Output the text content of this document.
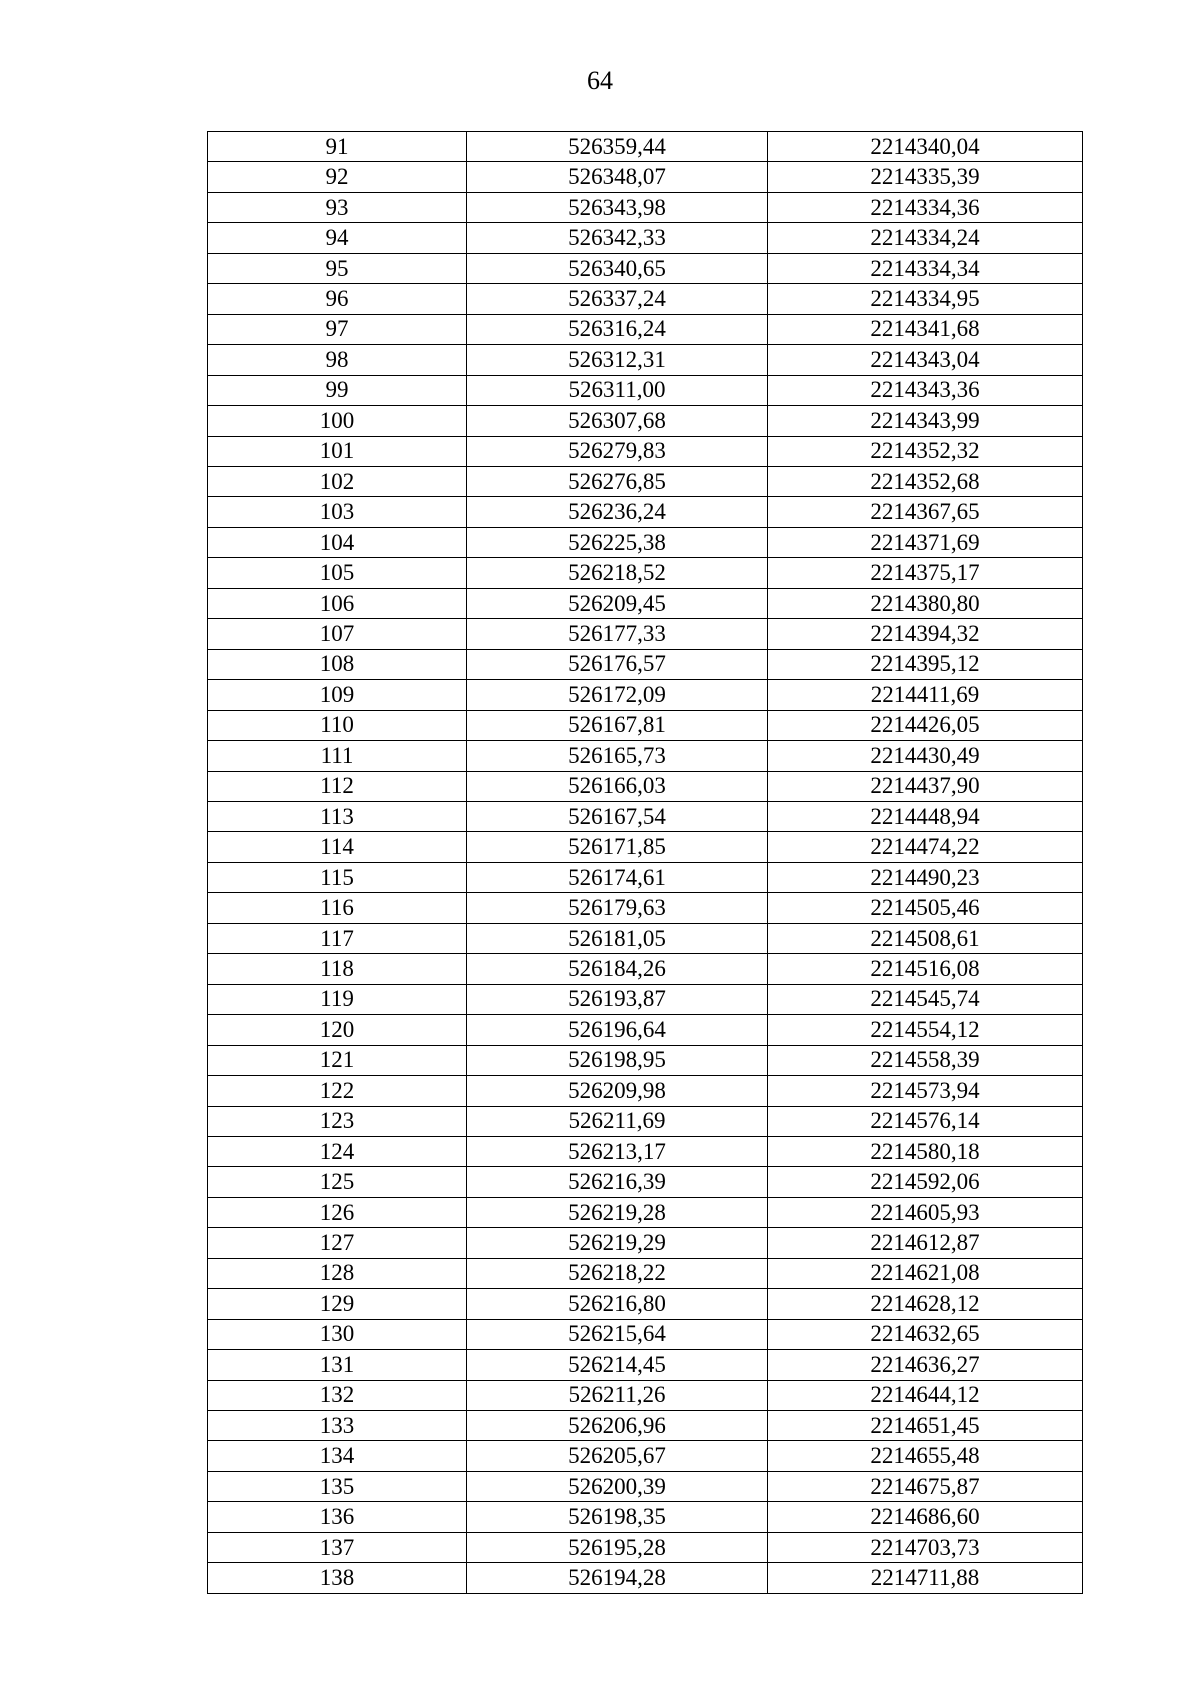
64
91	526359,44	2214340,04
92	526348,07	2214335,39
93	526343,98	2214334,36
94	526342,33	2214334,24
95	526340,65	2214334,34
96	526337,24	2214334,95
97	526316,24	2214341,68
98	526312,31	2214343,04
99	526311,00	2214343,36
100	526307,68	2214343,99
101	526279,83	2214352,32
102	526276,85	2214352,68
103	526236,24	2214367,65
104	526225,38	2214371,69
105	526218,52	2214375,17
106	526209,45	2214380,80
107	526177,33	2214394,32
108	526176,57	2214395,12
109	526172,09	2214411,69
110	526167,81	2214426,05
111	526165,73	2214430,49
112	526166,03	2214437,90
113	526167,54	2214448,94
114	526171,85	2214474,22
115	526174,61	2214490,23
116	526179,63	2214505,46
117	526181,05	2214508,61
118	526184,26	2214516,08
119	526193,87	2214545,74
120	526196,64	2214554,12
121	526198,95	2214558,39
122	526209,98	2214573,94
123	526211,69	2214576,14
124	526213,17	2214580,18
125	526216,39	2214592,06
126	526219,28	2214605,93
127	526219,29	2214612,87
128	526218,22	2214621,08
129	526216,80	2214628,12
130	526215,64	2214632,65
131	526214,45	2214636,27
132	526211,26	2214644,12
133	526206,96	2214651,45
134	526205,67	2214655,48
135	526200,39	2214675,87
136	526198,35	2214686,60
137	526195,28	2214703,73
138	526194,28	2214711,88
